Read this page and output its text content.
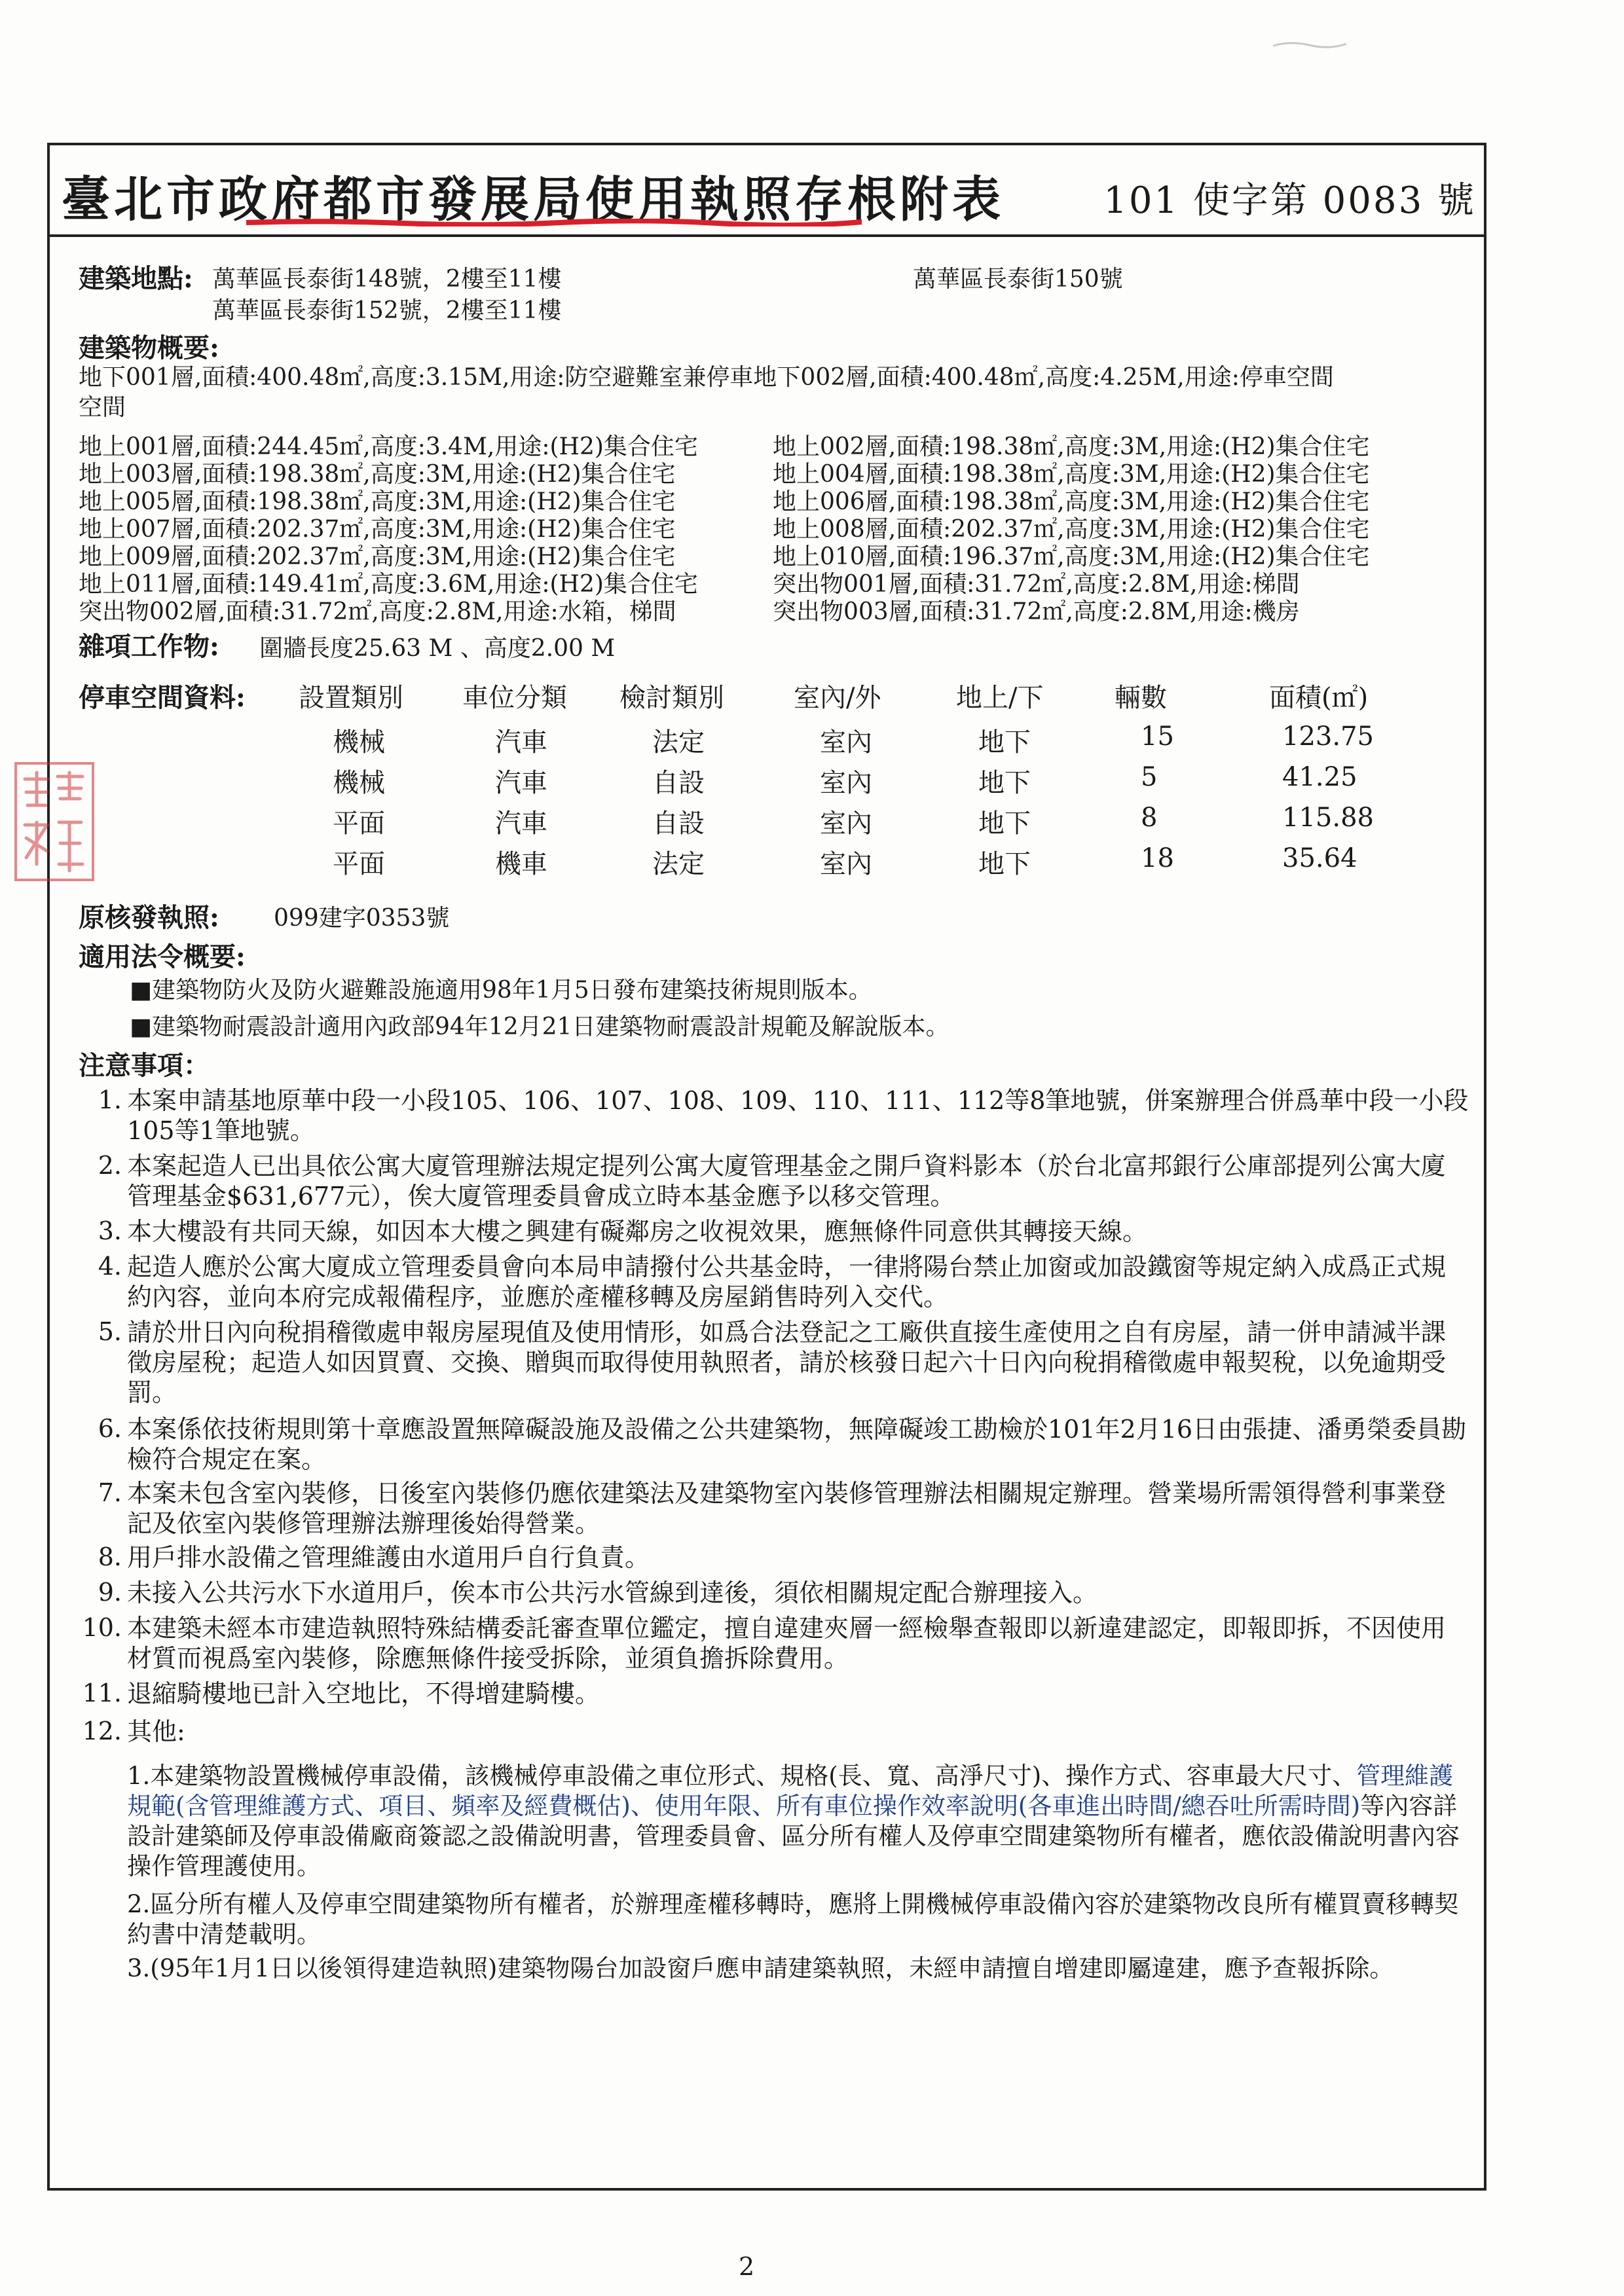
臺北市政府都市發展局使用執照存根附表	101 使字第 0083 號
建築地點: 萬華區長泰街148號，2樓至11樓	萬華區長泰街150號
萬華區長泰街152號，2樓至11樓
建築物概要:
地下001層,面積:400.48㎡,高度:3.15M,用途:防空避難室兼停車地下002層,面積:400.48㎡,高度:4.25M,用途:停車空間
空間
地上001層,面積:244.45㎡,高度:3.4M,用途:(H2)集合住宅	地上002層,面積:198.38㎡,高度:3M,用途:(H2)集合住宅
地上003層,面積:198.38㎡,高度:3M,用途:(H2)集合住宅	地上004層,面積:198.38㎡,高度:3M,用途:(H2)集合住宅
地上005層,面積:198.38㎡,高度:3M,用途:(H2)集合住宅	地上006層,面積:198.38㎡,高度:3M,用途:(H2)集合住宅
地上007層,面積:202.37㎡,高度:3M,用途:(H2)集合住宅	地上008層,面積:202.37㎡,高度:3M,用途:(H2)集合住宅
地上009層,面積:202.37㎡,高度:3M,用途:(H2)集合住宅	地上010層,面積:196.37㎡,高度:3M,用途:(H2)集合住宅
地上011層,面積:149.41㎡,高度:3.6M,用途:(H2)集合住宅	突出物001層,面積:31.72㎡,高度:2.8M,用途:梯間
突出物002層,面積:31.72㎡,高度:2.8M,用途:水箱，梯間	突出物003層,面積:31.72㎡,高度:2.8M,用途:機房
雜項工作物: 圍牆長度25.63 M 、高度2.00 M
停車空間資料: 設置類別 車位分類 檢討類別	室內/外	地上/下	輛數	面積(㎡)
機械	汽車	法定	室內	地下	15	123.75
機械	汽車	自設	室內	地下	5	41.25
平面	汽車	自設	室內	地下	8	115.88
平面	機車	法定	室內	地下	18	35.64
原核發執照: 099建字0353號
適用法令概要:
■建築物防火及防火避難設施適用98年1月5日發布建築技術規則版本。
■建築物耐震設計適用內政部94年12月21日建築物耐震設計規範及解說版本。
注意事項：
1. 本案申請基地原華中段一小段105、106、107、108、109、110、111、112等8筆地號，併案辦理合併爲華中段一小段105等1筆地號。
2. 本案起造人已出具依公寓大廈管理辦法規定提列公寓大廈管理基金之開戶資料影本（於台北富邦銀行公庫部提列公寓大廈管理基金$631,677元），俟大廈管理委員會成立時本基金應予以移交管理。
3. 本大樓設有共同天線，如因本大樓之興建有礙鄰房之收視效果，應無條件同意供其轉接天線。
4. 起造人應於公寓大廈成立管理委員會向本局申請撥付公共基金時，一律將陽台禁止加窗或加設鐵窗等規定納入成爲正式規約內容，並向本府完成報備程序，並應於產權移轉及房屋銷售時列入交代。
5. 請於卅日內向稅捐稽徵處申報房屋現值及使用情形，如爲合法登記之工廠供直接生產使用之自有房屋，請一併申請減半課徵房屋稅；起造人如因買賣、交換、贈與而取得使用執照者，請於核發日起六十日內向稅捐稽徵處申報契稅，以免逾期受罰。
6. 本案係依技術規則第十章應設置無障礙設施及設備之公共建築物，無障礙竣工勘檢於101年2月16日由張捷、潘勇榮委員勘檢符合規定在案。
7. 本案未包含室內裝修，日後室內裝修仍應依建築法及建築物室內裝修管理辦法相關規定辦理。營業場所需領得營利事業登記及依室內裝修管理辦法辦理後始得營業。
8. 用戶排水設備之管理維護由水道用戶自行負責。
9. 未接入公共污水下水道用戶，俟本市公共污水管線到達後，須依相關規定配合辦理接入。
10. 本建築未經本市建造執照特殊結構委託審查單位鑑定，擅自違建夾層一經檢舉查報即以新違建認定，即報即拆，不因使用材質而視爲室內裝修，除應無條件接受拆除，並須負擔拆除費用。
11. 退縮騎樓地已計入空地比，不得增建騎樓。
12. 其他:
1.本建築物設置機械停車設備，該機械停車設備之車位形式、規格(長、寬、高淨尺寸)、操作方式、容車最大尺寸、管理維護規範(含管理維護方式、項目、頻率及經費概估)、使用年限、所有車位操作效率說明(各車進出時間/總吞吐所需時間)等內容詳設計建築師及停車設備廠商簽認之設備說明書，管理委員會、區分所有權人及停車空間建築物所有權者，應依設備說明書內容操作管理護使用。
2.區分所有權人及停車空間建築物所有權者，於辦理產權移轉時，應將上開機械停車設備內容於建築物改良所有權買賣移轉契約書中清楚載明。
3.(95年1月1日以後領得建造執照)建築物陽台加設窗戶應申請建築執照，未經申請擅自增建即屬違建，應予查報拆除。
2
